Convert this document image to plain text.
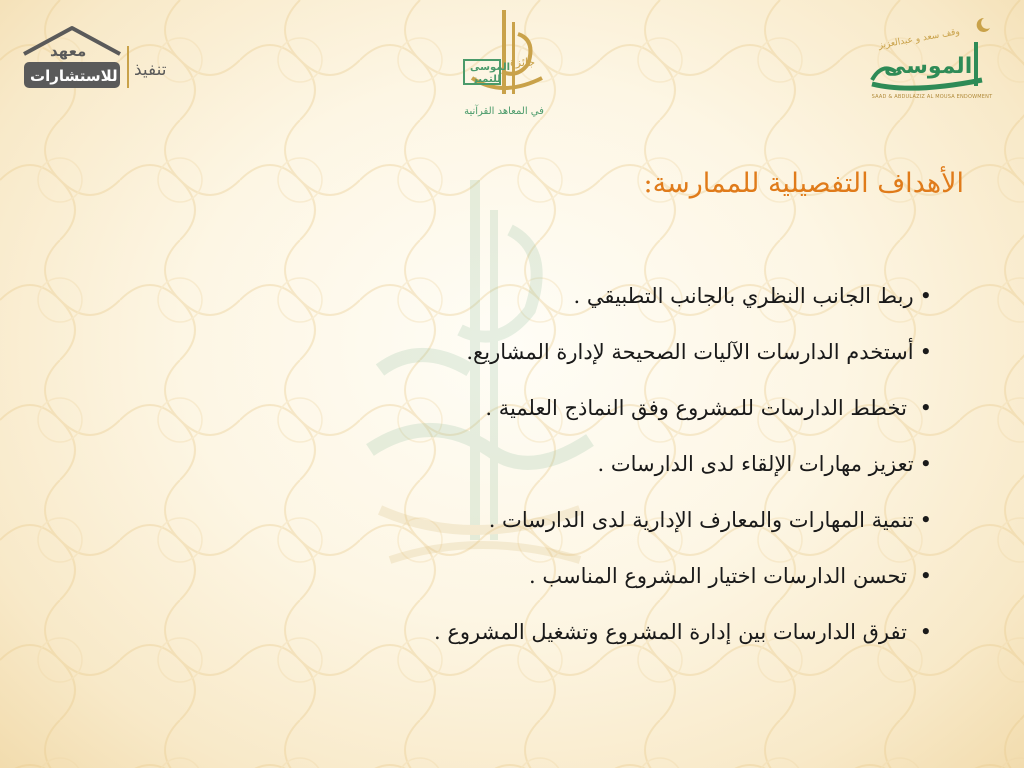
معهد
للاستشارات تنفيذ	جائزة
الموسى
للتميز
في المعاهد القرآنية
وقف سعد و عبدالعزيز
الموسى
SAAD & ABDULAZIZ AL MOUSA ENDOWMENT
الأهداف التفصيلية للممارسة:
•ربط الجانب النظري بالجانب التطبيقي .
•أستخدم الدارسات الآليات الصحيحة لإدارة المشاريع.
• تخطط الدارسات للمشروع وفق النماذج العلمية .
•تعزيز مهارات الإلقاء لدى الدارسات .
•تنمية المهارات والمعارف الإدارية لدى الدارسات .
• تحسن الدارسات اختيار المشروع المناسب .
• تفرق الدارسات بين إدارة المشروع وتشغيل المشروع .
